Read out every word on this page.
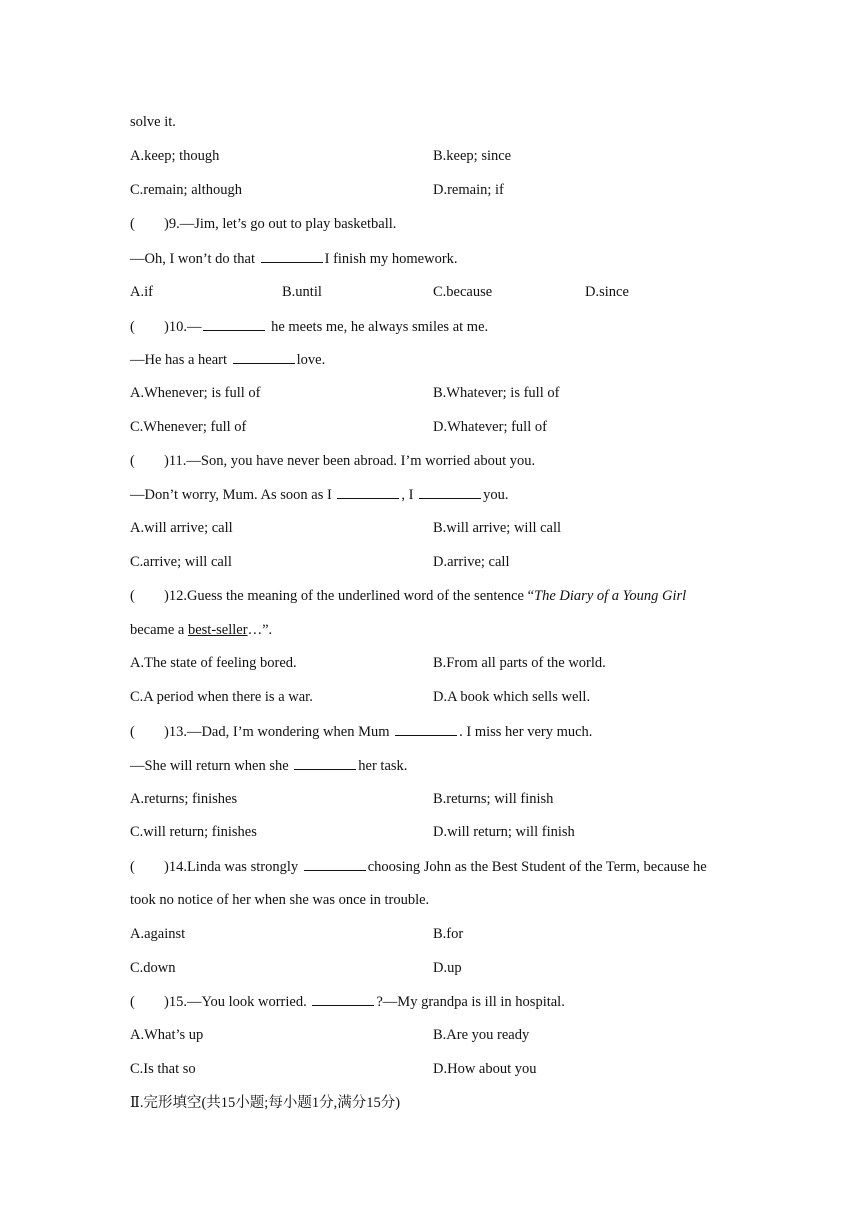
solve it.
A.keep; though	B.keep; since
C.remain; although	D.remain; if
( )9.—Jim, let’s go out to play basketball.
—Oh, I won’t do that	I finish my homework.
A.if	B.until	C.because	D.since
( )10.—	he meets me, he always smiles at me.
—He has a heart	love.
A.Whenever; is full of	B.Whatever; is full of
C.Whenever; full of	D.Whatever; full of
( )11.—Son, you have never been abroad. I’m worried about you.
—Don’t worry, Mum. As soon as I	, I	you.
A.will arrive; call	B.will arrive; will call
C.arrive; will call	D.arrive; call
( )12.Guess the meaning of the underlined word of the sentence “The Diary of a Young Girl
became a best-seller…”.
A.The state of feeling bored.	B.From all parts of the world.
C.A period when there is a war.	D.A book which sells well.
( )13.—Dad, I’m wondering when Mum	. I miss her very much.
—She will return when she	her task.
A.returns; finishes	B.returns; will finish
C.will return; finishes	D.will return; will finish
( )14.Linda was strongly	choosing John as the Best Student of the Term, because he
took no notice of her when she was once in trouble.
A.against	B.for
C.down	D.up
( )15.—You look worried.	?—My grandpa is ill in hospital.
A.What’s up	B.Are you ready
C.Is that so	D.How about you
Ⅱ.完形填空(共15小题;每小题1分,满分15分)
